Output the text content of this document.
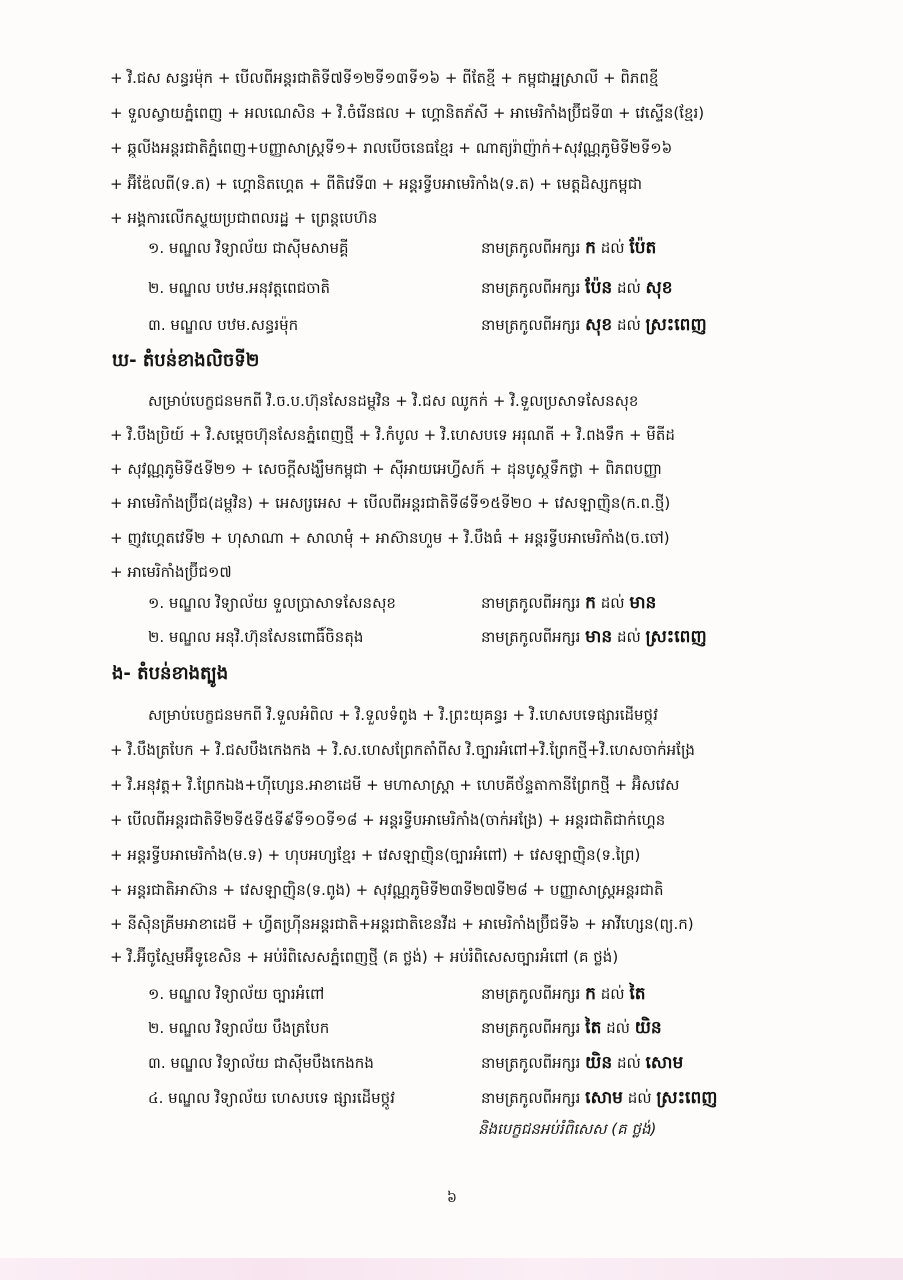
+ វិ.ជស សន្ធរម៉ុក + បើលពីអន្តរជាតិទី៧ទី១២ទី១៣ទី១៦ + ពីតែខ្មី + កម្ពុជាអ្នស្រាលី + ពិភពខ្មី
+ ទួលស្វាយភ្នំពេញ + អលណេសិន + វិ.ចំរើនផល + ហ្គោនិតភ័សី + អាមេរិកាំងប្រ៊ីជទី៣ + វេស្ទើន(ខ្មែរ)
+ ឆ្កូលីងអន្តរជាតិភ្នំពេញ+បញ្ញាសាស្ត្រទី១+ រាលបើចនេធខ្មែរ + ណាត្យរ៉ាញ៉ាក់+សុវណ្ណភូមិទី២ទី១៦
+ អ៊ីឌ៉ែលពី(ទ.ត) + ហ្គោនិតហ្គេត + ពីតិវេទី៣ + អន្តរទ្វីបអាមេរិកាំង(ទ.ត) + មេត្តដិស្សកម្ពុជា
+ អង្គការលើកស្ទួយប្រជាពលរដ្ឋ + ព្រេន្តបេហ៊ន
១. មណ្ឌល វិទ្យាល័យ ជាស៊ីមសាមគ្គី	នាមត្រកូលពីអក្សរ ក ដល់ ប៉ែត
២. មណ្ឌល បឋម.អនុវត្តពេជចាតិ	នាមត្រកូលពីអក្សរ ប៉ែន ដល់ សុខ
៣. មណ្ឌល បឋម.សន្ធរម៉ុក	នាមត្រកូលពីអក្សរ សុខ ដល់ ស្រះពេញ
ឃ- តំបន់ខាងលិចទី២
សម្រាប់បេក្ខជនមកពី វិ.ច.ប.ហ៊ុនសែនដម្ពូវិន + វិ.ជស ឈូកក់ + វិ.ទួលប្រសាទសែនសុខ
+ វិ.បឹងប្រិយ៍ + វិ.សម្តេចហ៊ុនសែនភ្នំពេញថ្មី + វិ.កំបូល + វិ.ហេសបទេ អរុណតី + វិ.ពងទឹក + មីតីដ
+ សុវណ្ណភូមិទី៥ទី២១ + សេចក្តីសង្ឃឹមកម្ពុជា + ស៊ីអាយអេហ្វីសក៍ + ដុនបូស្កូទឹកថ្លា + ពិភពបញ្ញា
+ អាមេរិកាំងប្រ៊ីជ(ដម្ពូវិន) + អេសរ្រអេស + បើលពីអន្តរជាតិទី៨ទី១៥ទី២០ + វេសឡាញ៉ិន(ក.ព.ថ្មី)
+ ញូវហ្គេតវេទី២ + ហុសាណា + សាលាមុំ + អាស៊ានហួម + វិ.បឹងធំ + អន្តរទ្វីបអាមេរិកាំង(ច.ចៅ)
+ អាមេរិកាំងប្រ៊ីជ១៧
១. មណ្ឌល វិទ្យាល័យ ទួលប្រាសាទសែនសុខ	នាមត្រកូលពីអក្សរ ក ដល់ មាន
២. មណ្ឌល អនុវិ.ហ៊ុនសែនពោធិ៍ចិនតុង	នាមត្រកូលពីអក្សរ មាន ដល់ ស្រះពេញ
ង- តំបន់ខាងត្បូង
សម្រាប់បេក្ខជនមកពី វិ.ទួលអំពិល + វិ.ទួលទំពូង + វិ.ព្រះយុគន្ធរ + វិ.ហេសបទេផ្សារដើមថ្កូវ
+ វិ.បឹងត្របែក + វិ.ជសបឹងកេងកង + វិ.ស.ហេសព្រែកតាំពីស វិ.ច្បារអំពៅ+វិ.ព្រែកថ្មី+វិ.ហេសចាក់អង្រែ
+ វិ.អនុវត្ត+ វិ.ព្រែកឯង+ហ៊ីហ្សេន.អាខាដេមី + មហាសាស្ត្រា + ហេបគីថ័ន្ទតាកានីព្រែកថ្មី + អ៊ិសវេស
+ បើលពីអន្តរជាតិទី២ទី៥ទី៥ទី៩ទី១០ទី១៨ + អន្តរទ្វីបអាមេរិកាំង(ចាក់អង្រែ) + អន្តរជាតិជាក់ហ្គេន
+ អន្តរទ្វីបអាមេរិកាំង(ម.ទ) + ហុបអហ្សខ្មែរ + វេសឡាញ៉ិន(ច្បារអំពៅ) + វេសឡាញ៉ិន(ទ.ព្រៃ)
+ អន្តរជាតិអាស៊ាន + វេសឡាញ៉ិន(ទ.ពូង) + សុវណ្ណភូមិទី២៣ទី២៧ទី២៨ + បញ្ញាសាស្ត្រអន្តរជាតិ
+ នីស៊ិនគ្រីមអាខាដេមី + ហ្វីតហ៊្រីនអន្តរជាតិ+អន្តរជាតិខេនវីដ + អាមេរិកាំងប្រ៊ីជទី៦ + អាវីហ្សេន(ព្យ.ក)
+ វិ.អ៊ីចូស្មែមអ៊ីទូខេសិន + អប់រំពិសេសភ្នំពេញថ្មី (គ ថ្លង់) + អប់រំពិសេសច្បារអំពៅ (គ ថ្លង់)
១. មណ្ឌល វិទ្យាល័យ ច្បារអំពៅ	នាមត្រកូលពីអក្សរ ក ដល់ តៃ
២. មណ្ឌល វិទ្យាល័យ បឹងត្របែក	នាមត្រកូលពីអក្សរ តៃ ដល់ យិន
៣. មណ្ឌល វិទ្យាល័យ ជាស៊ីមបឹងកេងកង	នាមត្រកូលពីអក្សរ យិន ដល់ សោម
៤. មណ្ឌល វិទ្យាល័យ ហេសបទេ ផ្សារដើមថ្កូវ	នាមត្រកូលពីអក្សរ សោម ដល់ ស្រះពេញ
និងបេក្ខជនអប់រំពិសេស (គ ថ្លង់)
៦
